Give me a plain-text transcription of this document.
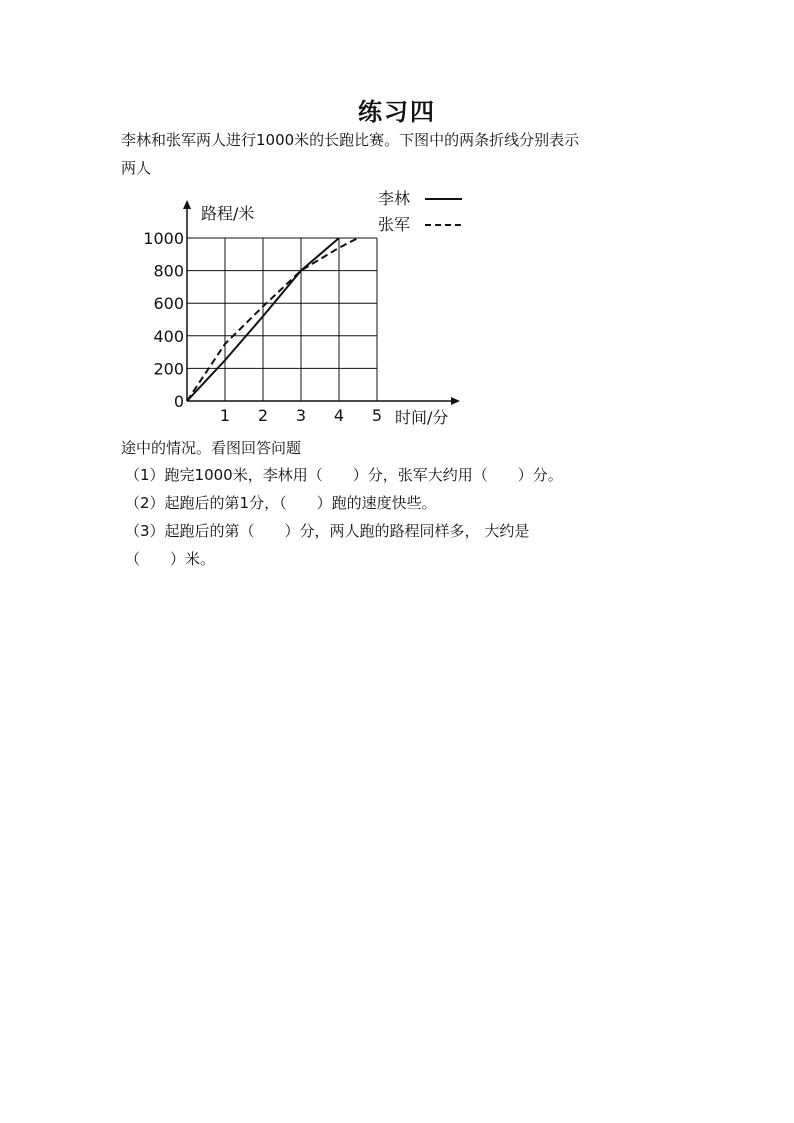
练习四
李林和张军两人进行1000米的长跑比赛。下图中的两条折线分别表示
两人
1 2 3 4 5
200
400
600
800
1000
路程/米
时间/分
0
李林
张军
途中的情况。看图回答问题
（1）跑完1000米，李林用（　　）分，张军大约用（　　）分。
（2）起跑后的第1分，（　　）跑的速度快些。
（3）起跑后的第（　　）分，两人跑的路程同样多， 大约是
（　　）米。
